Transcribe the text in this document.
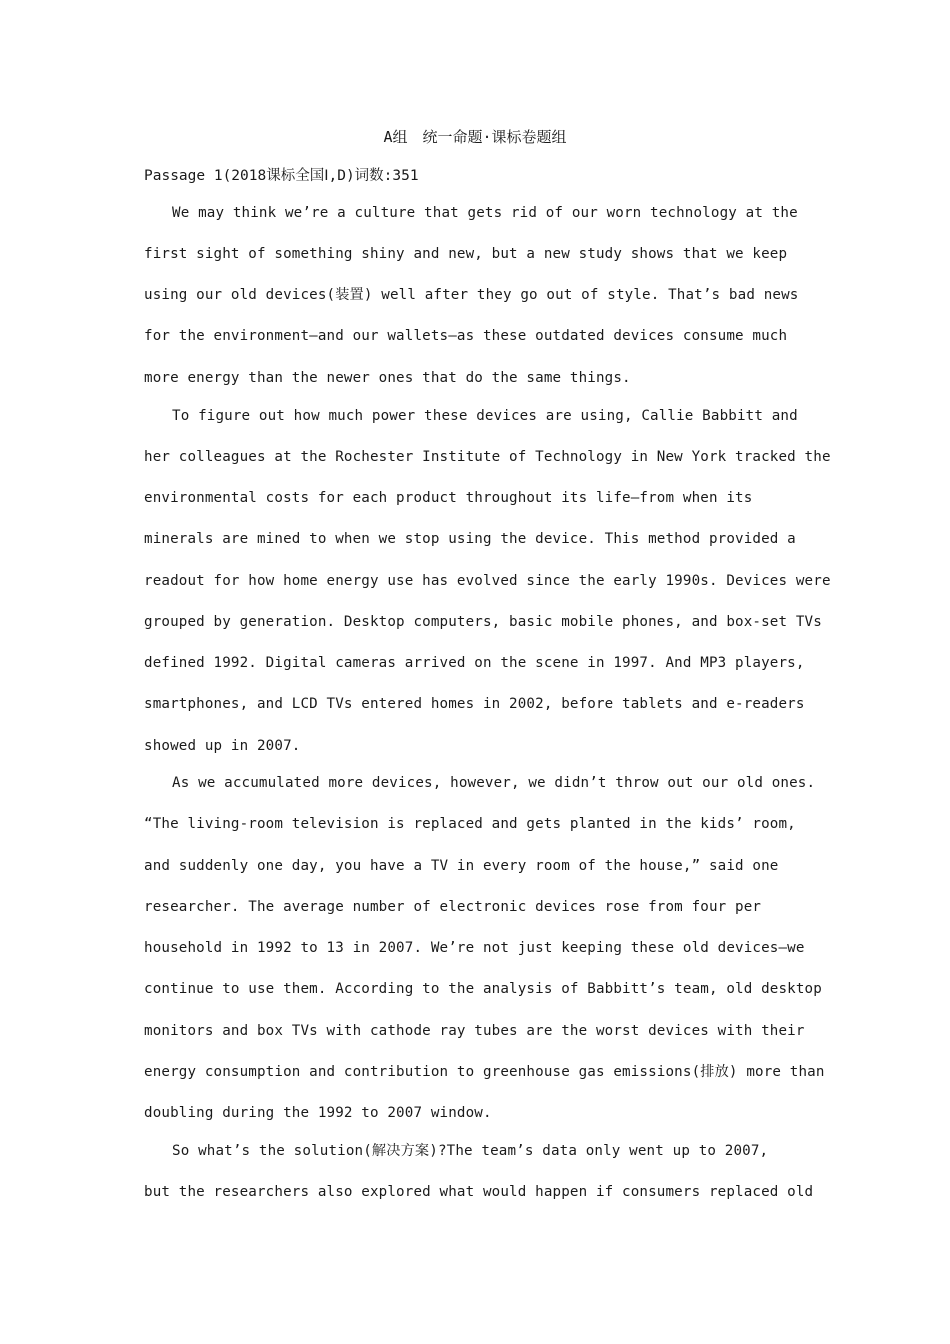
A组　统一命题·课标卷题组
Passage 1(2018课标全国Ⅰ,D)词数:351
We may think we’re a culture that gets rid of our worn technology at the
first sight of something shiny and new, but a new study shows that we keep
using our old devices(装置) well after they go out of style. That’s bad news
for the environment—and our wallets—as these outdated devices consume much
more energy than the newer ones that do the same things.
To figure out how much power these devices are using, Callie Babbitt and
her colleagues at the Rochester Institute of Technology in New York tracked the
environmental costs for each product throughout its life—from when its
minerals are mined to when we stop using the device. This method provided a
readout for how home energy use has evolved since the early 1990s. Devices were
grouped by generation. Desktop computers, basic mobile phones, and box-set TVs
defined 1992. Digital cameras arrived on the scene in 1997. And MP3 players,
smartphones, and LCD TVs entered homes in 2002, before tablets and e-readers
showed up in 2007.
As we accumulated more devices, however, we didn’t throw out our old ones.
“The living-room television is replaced and gets planted in the kids’ room,
and suddenly one day, you have a TV in every room of the house,” said one
researcher. The average number of electronic devices rose from four per
household in 1992 to 13 in 2007. We’re not just keeping these old devices—we
continue to use them. According to the analysis of Babbitt’s team, old desktop
monitors and box TVs with cathode ray tubes are the worst devices with their
energy consumption and contribution to greenhouse gas emissions(排放) more than
doubling during the 1992 to 2007 window.
So what’s the solution(解决方案)?The team’s data only went up to 2007,
but the researchers also explored what would happen if consumers replaced old
